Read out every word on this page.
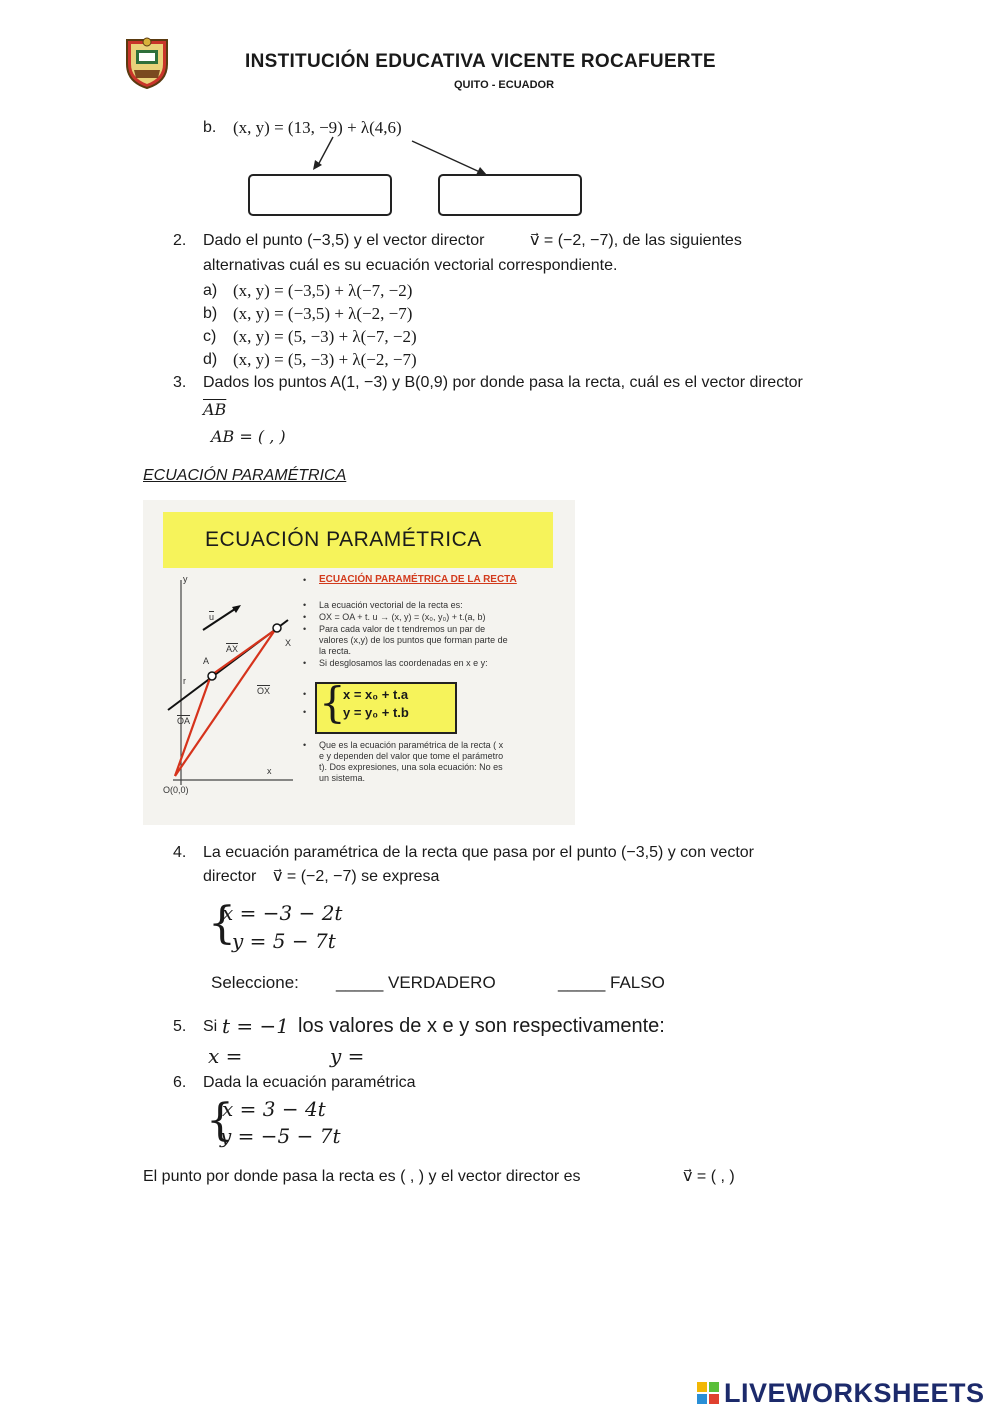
INSTITUCIÓN EDUCATIVA VICENTE ROCAFUERTE
QUITO - ECUADOR
b. (x, y) = (13, −9) + λ(4,6)
2. Dado el punto (−3,5) y el vector director	v⃗ = (−2, −7), de las siguientes
alternativas cuál es su ecuación vectorial correspondiente.
a) (x, y) = (−3,5) + λ(−7, −2)
b) (x, y) = (−3,5) + λ(−2, −7)
c) (x, y) = (5, −3) + λ(−7, −2)
d) (x, y) = (5, −3) + λ(−2, −7)
3. Dados los puntos A(1, −3) y B(0,9) por donde pasa la recta, cuál es el vector director
$\overline{AB}$
AB = ( , )
ECUACIÓN PARAMÉTRICA
ECUACIÓN PARAMÉTRICA
y
$\overline{u}$
X
$\overline{AX}$
A
r
$\overline{OX}$
$\overline{OA}$
x
O(0,0)
• ECUACIÓN PARAMÉTRICA DE LA RECTA
• La ecuación vectorial de la recta es:
• OX = OA + t. u → (x, y) = (x₀, y₀) + t.(a, b)
• Para cada valor de t tendremos un par de
valores (x,y) de los puntos que forman parte de
la recta.
• Si desglosamos las coordenadas en x e y:
•
• {
x = x₀ + t.a
y = y₀ + t.b
• Que es la ecuación paramétrica de la recta ( x
e y dependen del valor que tome el parámetro
t). Dos expresiones, una sola ecuación: No es
un sistema.
4. La ecuación paramétrica de la recta que pasa por el punto (−3,5) y con vector
director v⃗ = (−2, −7) se expresa
{
x = −3 − 2t
y = 5 − 7t
Seleccione: _____ VERDADERO	_____ FALSO
5. Si t = −1 los valores de x e y son respectivamente:
x =	y =
6. Dada la ecuación paramétrica
{
x = 3 − 4t
y = −5 − 7t
El punto por donde pasa la recta es ( , ) y el vector director es	v⃗ = ( , )
LIVEWORKSHEETS
